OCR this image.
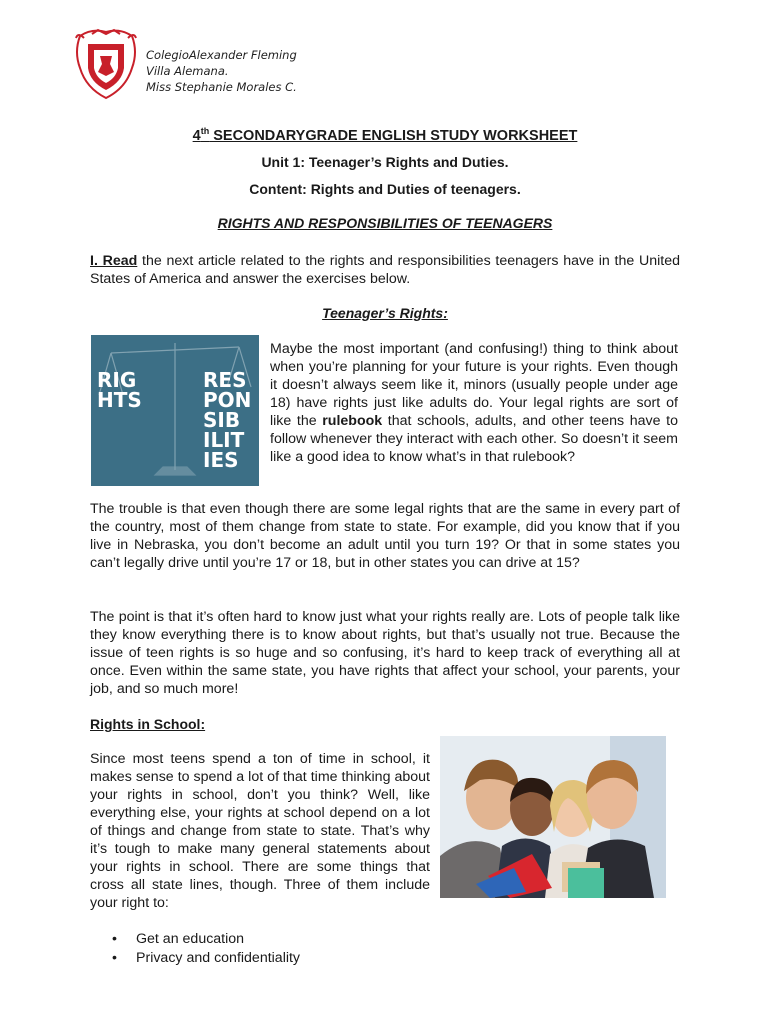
ColegioAlexander Fleming
Villa Alemana.
Miss Stephanie Morales C.
4th SECONDARYGRADE ENGLISH STUDY WORKSHEET
Unit 1: Teenager’s Rights and Duties.
Content: Rights and Duties of teenagers.
RIGHTS AND RESPONSIBILITIES OF TEENAGERS
I. Read the next article related to the rights and responsibilities teenagers have in the United States of America and answer the exercises below.
Teenager’s Rights:
RIG
HTS
RES
PON
SIB
ILIT
IES
Maybe the most important (and confusing!) thing to think about when you’re planning for your future is your rights. Even though it doesn’t always seem like it, minors (usually people under age 18) have rights just like adults do. Your legal rights are sort of like the rulebook that schools, adults, and other teens have to follow whenever they interact with each other. So doesn’t it seem like a good idea to know what’s in that rulebook?
The trouble is that even though there are some legal rights that are the same in every part of the country, most of them change from state to state. For example, did you know that if you live in Nebraska, you don’t become an adult until you turn 19? Or that in some states you can’t legally drive until you’re 17 or 18, but in other states you can drive at 15?
The point is that it’s often hard to know just what your rights really are. Lots of people talk like they know everything there is to know about rights, but that’s usually not true. Because the issue of teen rights is so huge and so confusing, it’s hard to keep track of everything all at once. Even within the same state, you have rights that affect your school, your parents, your job, and so much more!
Rights in School:
Since most teens spend a ton of time in school, it makes sense to spend a lot of that time thinking about your rights in school, don’t you think? Well, like everything else, your rights at school depend on a lot of things and change from state to state. That’s why it’s tough to make many general statements about your rights in school. There are some things that cross all state lines, though. Three of them include your right to:
• Get an education
• Privacy and confidentiality
